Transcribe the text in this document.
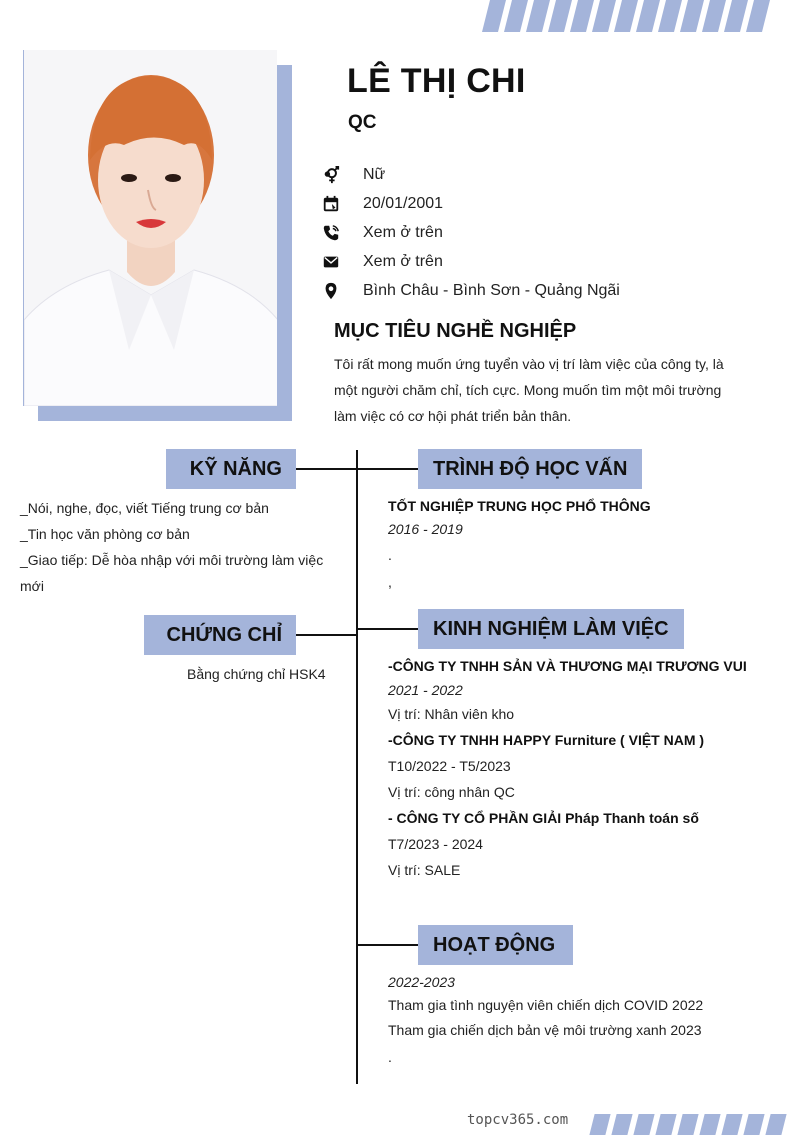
LÊ THỊ CHI
QC
Nữ
20/01/2001
Xem ở trên
Xem ở trên
Bình Châu - Bình Sơn - Quảng Ngãi
MỤC TIÊU NGHỀ NGHIỆP
Tôi rất mong muốn ứng tuyển vào vị trí làm việc của công ty, là một người chăm chỉ, tích cực. Mong muốn tìm một môi trường làm việc có cơ hội phát triển bản thân.
KỸ NĂNG	TRÌNH ĐỘ HỌC VẤN
CHỨNG CHỈ	KINH NGHIỆM LÀM VIỆC
HOẠT ĐỘNG
_Nói, nghe, đọc, viết Tiếng trung cơ bản
_Tin học văn phòng cơ bản
_Giao tiếp: Dễ hòa nhập với môi trường làm việc
mới
Bằng chứng chỉ HSK4
TỐT NGHIỆP TRUNG HỌC PHỔ THÔNG
2016 - 2019
.
,
-CÔNG TY TNHH SẢN VÀ THƯƠNG MẠI TRƯƠNG VUI
2021 - 2022
Vị trí: Nhân viên kho
-CÔNG TY TNHH HAPPY Furniture ( VIỆT NAM )
T10/2022 - T5/2023
Vị trí: công nhân QC
- CÔNG TY CỔ PHẦN GIẢI Pháp Thanh toán số
T7/2023 - 2024
Vị trí: SALE
2022-2023
Tham gia tình nguyện viên chiến dịch COVID 2022
Tham gia chiến dịch bản vệ môi trường xanh 2023
.
topcv365.com
